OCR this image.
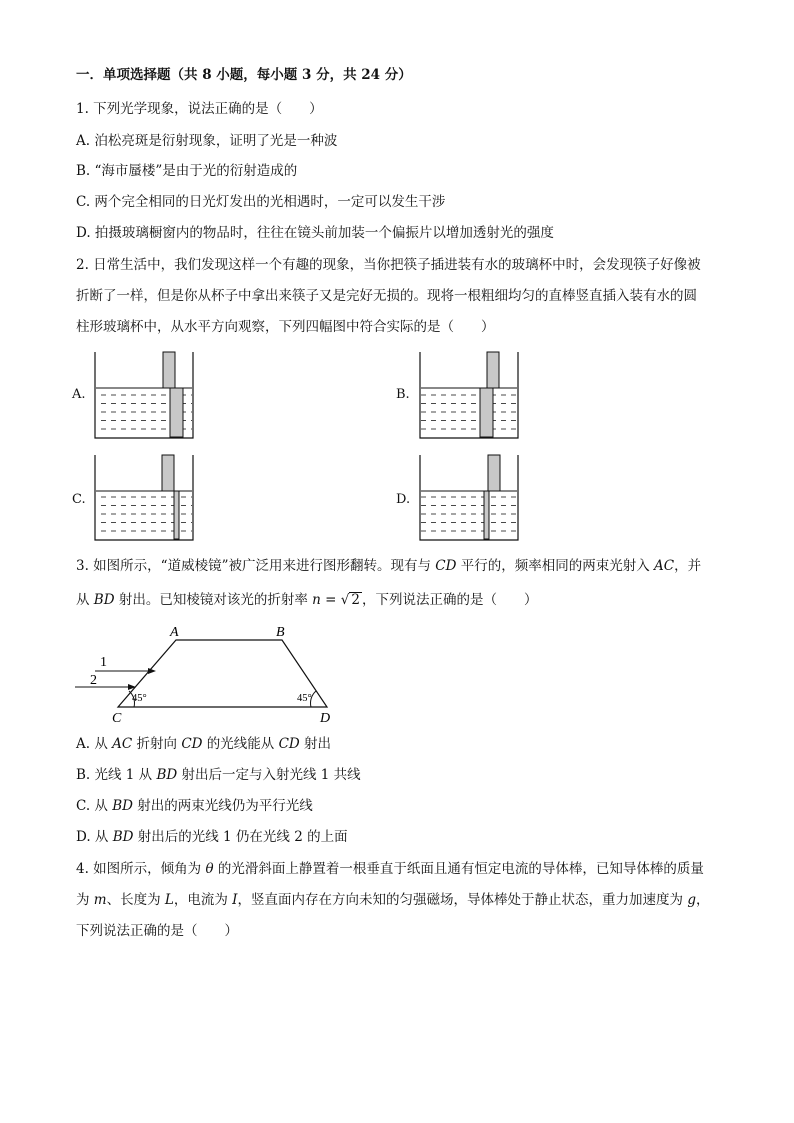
一．单项选择题（共 8 小题，每小题 3 分，共 24 分）
1. 下列光学现象，说法正确的是（　　）
A. 泊松亮斑是衍射现象，证明了光是一种波
B. “海市蜃楼”是由于光的衍射造成的
C. 两个完全相同的日光灯发出的光相遇时，一定可以发生干涉
D. 拍摄玻璃橱窗内的物品时，往往在镜头前加装一个偏振片以增加透射光的强度
2. 日常生活中，我们发现这样一个有趣的现象，当你把筷子插进装有水的玻璃杯中时，会发现筷子好像被
折断了一样，但是你从杯子中拿出来筷子又是完好无损的。现将一根粗细均匀的直棒竖直插入装有水的圆
柱形玻璃杯中，从水平方向观察，下列四幅图中符合实际的是（　　）
A.	B.
C.	D.
3. 如图所示，“道威棱镜”被广泛用来进行图形翻转。现有与 CD 平行的，频率相同的两束光射入 AC，并
从 BD 射出。已知棱镜对该光的折射率 n = √ 2 ，下列说法正确的是（　　）
A	B
C	D
1
2
45°	45°
A. 从 AC 折射向 CD 的光线能从 CD 射出
B. 光线 1 从 BD 射出后一定与入射光线 1 共线
C. 从 BD 射出的两束光线仍为平行光线
D. 从 BD 射出后的光线 1 仍在光线 2 的上面
4. 如图所示，倾角为 θ 的光滑斜面上静置着一根垂直于纸面且通有恒定电流的导体棒，已知导体棒的质量
为 m、长度为 L，电流为 I，竖直面内存在方向未知的匀强磁场，导体棒处于静止状态，重力加速度为 g，
下列说法正确的是（　　）
